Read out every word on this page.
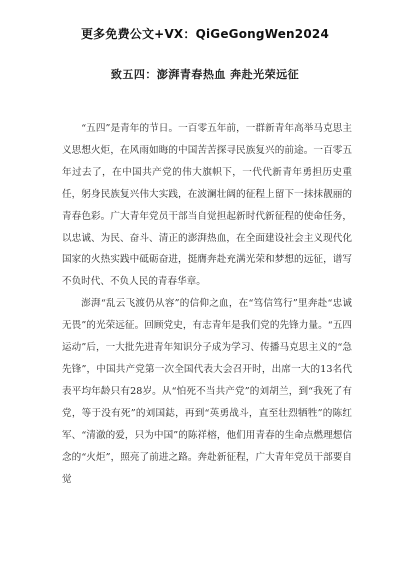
更多免费公文+VX：QiGeGongWen2024
致五四：澎湃青春热血 奔赴光荣远征

“五四”是青年的节日。一百零五年前，一群新青年高举马克思主义思想火炬，在风雨如晦的中国苦苦探寻民族复兴的前途。一百零五年过去了，在中国共产党的伟大旗帜下，一代代新青年勇担历史重任，躬身民族复兴伟大实践，在波澜壮阔的征程上留下一抹抹靓丽的青春色彩。广大青年党员干部当自觉担起新时代新征程的使命任务，以忠诚、为民、奋斗、清正的澎湃热血，在全面建设社会主义现代化国家的火热实践中砥砺奋进，挺膺奔赴充满光荣和梦想的远征，谱写不负时代、不负人民的青春华章。

澎湃“乱云飞渡仍从容”的信仰之血，在“笃信笃行”里奔赴“忠诚无畏”的光荣远征。回顾党史，有志青年是我们党的先锋力量。“五四运动”后，一大批先进青年知识分子成为学习、传播马克思主义的“急先锋”，中国共产党第一次全国代表大会召开时，出席一大的13名代表平均年龄只有28岁。从“怕死不当共产党”的刘胡兰，到“我死了有党，等于没有死”的刘国鋕，再到“英勇战斗，直至壮烈牺牲”的陈红军、“清澈的爱，只为中国”的陈祥榕，他们用青春的生命点燃理想信念的“火炬”，照亮了前进之路。奔赴新征程，广大青年党员干部要自觉
